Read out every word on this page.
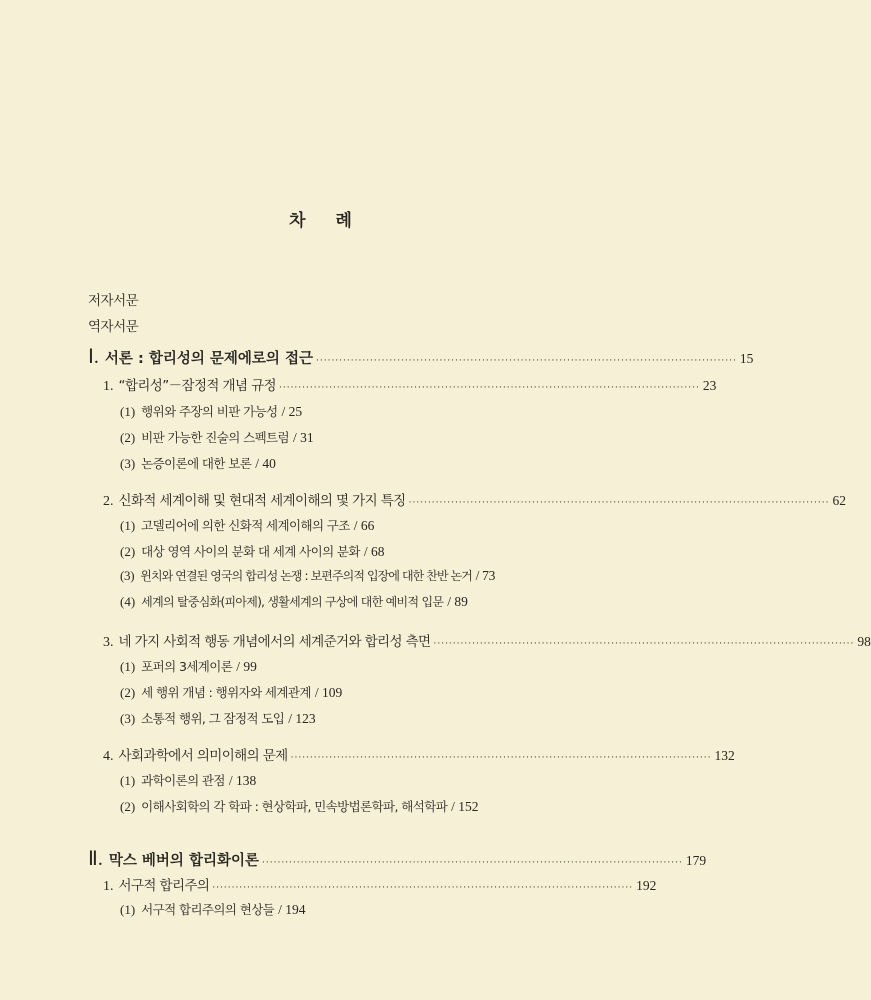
차 례
저자서문
역자서문
Ⅰ. 서론 : 합리성의 문제에로의 접근 ············································································································· 15
1. “합리성”－잠정적 개념 규정 ············································································································· 23
(1) 행위와 주장의 비판 가능성 / 25
(2) 비판 가능한 진술의 스펙트럼 / 31
(3) 논증이론에 대한 보론 / 40
2. 신화적 세계이해 및 현대적 세계이해의 몇 가지 특징 ············································································································· 62
(1) 고델리어에 의한 신화적 세계이해의 구조 / 66
(2) 대상 영역 사이의 분화 대 세계 사이의 분화 / 68
(3) 윈치와 연결된 영국의 합리성 논쟁 : 보편주의적 입장에 대한 찬반 논거 / 73
(4) 세계의 탈중심화(피아제), 생활세계의 구상에 대한 예비적 입문 / 89
3. 네 가지 사회적 행동 개념에서의 세계준거와 합리성 측면 ············································································································· 98
(1) 포퍼의 3세계이론 / 99
(2) 세 행위 개념 : 행위자와 세계관계 / 109
(3) 소통적 행위, 그 잠정적 도입 / 123
4. 사회과학에서 의미이해의 문제 ············································································································· 132
(1) 과학이론의 관점 / 138
(2) 이해사회학의 각 학파 : 현상학파, 민속방법론학파, 해석학파 / 152
Ⅱ. 막스 베버의 합리화이론 ············································································································· 179
1. 서구적 합리주의 ············································································································· 192
(1) 서구적 합리주의의 현상들 / 194
